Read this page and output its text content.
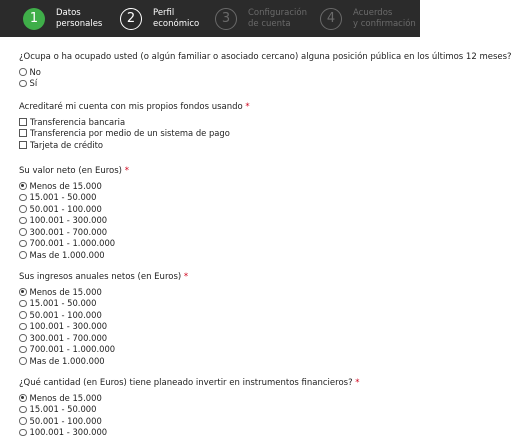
1	Datos
personales	2	Perfil
económico	3	Configuración
de cuenta	4	Acuerdos
y confirmación
¿Ocupa o ha ocupado usted (o algún familiar o asociado cercano) alguna posición pública en los últimos 12 meses?
No
Sí
Acreditaré mi cuenta con mis propios fondos usando *
Transferencia bancaria
Transferencia por medio de un sistema de pago
Tarjeta de crédito
Su valor neto (en Euros) *
Menos de 15.000
15.001 - 50.000
50.001 - 100.000
100.001 - 300.000
300.001 - 700.000
700.001 - 1.000.000
Mas de 1.000.000
Sus ingresos anuales netos (en Euros) *
Menos de 15.000
15.001 - 50.000
50.001 - 100.000
100.001 - 300.000
300.001 - 700.000
700.001 - 1.000.000
Mas de 1.000.000
¿Qué cantidad (en Euros) tiene planeado invertir en instrumentos financieros? *
Menos de 15.000
15.001 - 50.000
50.001 - 100.000
100.001 - 300.000
